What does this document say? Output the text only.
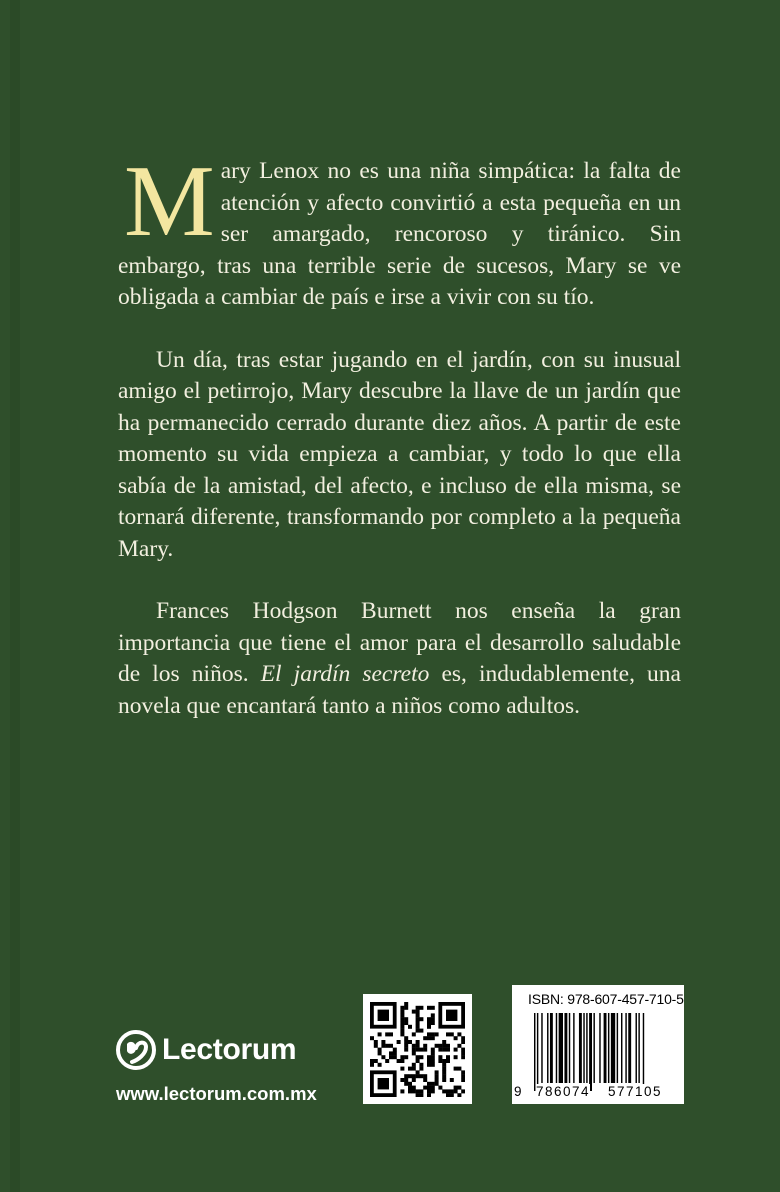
Mary Lenox no es una niña simpática: la falta de atención y afecto convirtió a esta pequeña en un ser amargado, rencoroso y tiránico. Sin embargo, tras una terrible serie de sucesos, Mary se ve obligada a cambiar de país e irse a vivir con su tío.

Un día, tras estar jugando en el jardín, con su inusual amigo el petirrojo, Mary descubre la llave de un jardín que ha permanecido cerrado durante diez años. A partir de este momento su vida empieza a cambiar, y todo lo que ella sabía de la amistad, del afecto, e incluso de ella misma, se tornará diferente, transformando por completo a la pequeña Mary.

Frances Hodgson Burnett nos enseña la gran importancia que tiene el amor para el desarrollo saludable de los niños. El jardín secreto es, indudablemente, una novela que encantará tanto a niños como adultos.

Lectorum
www.lectorum.com.mx
ISBN: 978-607-457-710-5
9 786074 577105
